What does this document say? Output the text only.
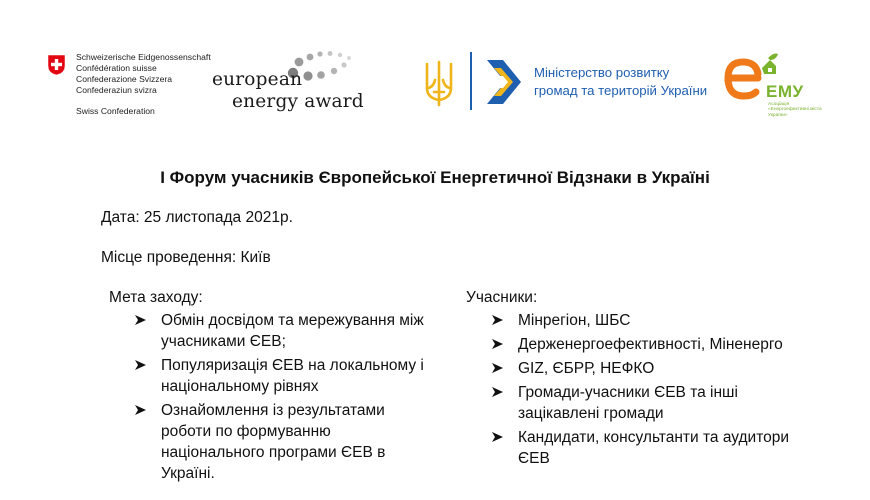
Schweizerische Eidgenossenschaft
Confédération suisse
Confederazione Svizzera
Confederaziun svizra
Swiss Confederation
european
energy award
Міністерство розвитку
громад та територій України	ЕМУ
Асоціація «Енергоефективні міста України»
І Форум учасників Європейської Енергетичної Відзнаки в Україні
Дата: 25 листопада 2021р.
Місце проведення: Київ
Мета заходу:
Обмін досвідом та мережування між учасниками ЄЕВ;
Популяризація ЄЕВ на локальному і національному рівнях
Ознайомлення із результатами роботи по формуванню національного програми ЄЕВ в Україні.
Учасники:
Мінрегіон, ШБС
Держенергоефективності, Міненерго
GIZ, ЄБРР, НЕФКО
Громади-учасники ЄЕВ та інші зацікавлені громади
Кандидати, консультанти та аудитори ЄЕВ
